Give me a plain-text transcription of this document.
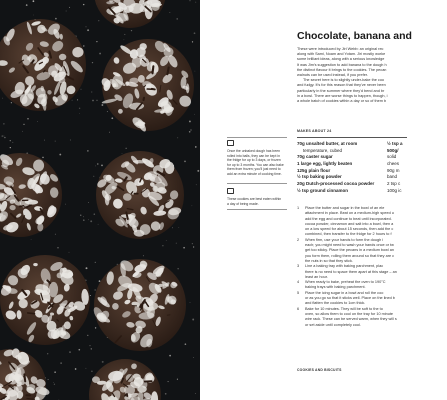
Chocolate, banana and

These were introduced by Jiri Webb: an original rec

along with Sami, Noam and Yotam. Jiri mostly worke

some brilliant ideas, along with a serious knowledge

It was Jim's suggestion to add banana to the dough h

the distinct flavour it brings to the cookies. The pecan

walnuts can be used instead, if you prefer.

The secret here is to slightly under-bake the coo

and fudgy. It's for this reason that they've never been

particularly in the summer where they'd bend and br

in a bowl. There are worse things to happen, though, i

a whole batch of cookies within a day or so of them b

Once the unbaked dough has been

rolled into balls, they can be kept in

the fridge for up to 3 days, or frozen

for up to 3 months. You can also bake

them from frozen; you'll just need to

add an extra minute of cooking time.

These cookies are best eaten within

a day of being made.

MAKES ABOUT 24

70g unsalted butter, at room	½ tsp a
temperature, cubed	500g/
70g caster sugar	solid
1 large egg, lightly beaten	chees
125g plain flour	90g m
½ tsp baking powder	band
20g Dutch-processed cocoa powder	2 tsp c
½ tsp ground cinnamon	100g ic

1 Place the butter and sugar in the bowl of an ele

attachment in place. Beat on a medium-high speed u

add the egg and continue to beat until incorporated.

cocoa powder, cinnamon and salt into a bowl, then a

on a low speed for about 15 seconds, then add the c

combined, then transfer to the fridge for 2 hours to f

2 When firm, use your hands to form the dough i

each; you might need to wash your hands once or tw

get too sticky. Place the pecans in a medium bowl an

you form them, rolling them around so that they are c

the nuts in so that they stick.

3 Line a baking tray with baking parchment, plac

there is no need to space them apart at this stage – an

least an hour.

4 When ready to bake, preheat the oven to 190°C

baking trays with baking parchment.

5 Place the icing sugar in a bowl and roll the coo

or as you go so that it sticks well. Place on the lined b

and flatten the cookies to 1cm thick.

6 Bake for 10 minutes. They will be soft to the to

oven, so allow them to cool on the tray for 10 minute

wire rack. These can be served warm, when they will s

or set aside until completely cool.

COOKIES AND BISCUITS
